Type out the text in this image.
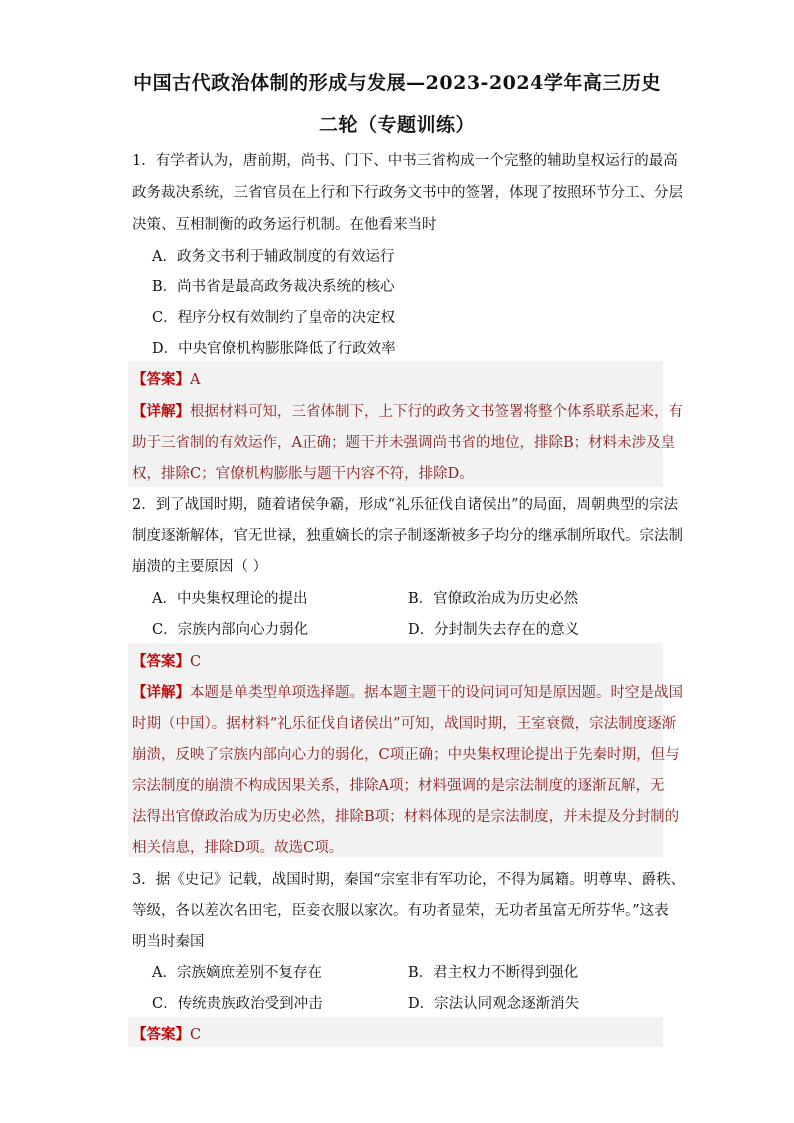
中国古代政治体制的形成与发展—2023-2024学年高三历史
二轮（专题训练）
1．有学者认为，唐前期，尚书、门下、中书三省构成一个完整的辅助皇权运行的最高
政务裁决系统，三省官员在上行和下行政务文书中的签署，体现了按照环节分工、分层
决策、互相制衡的政务运行机制。在他看来当时
A．政务文书利于辅政制度的有效运行
B．尚书省是最高政务裁决系统的核心
C．程序分权有效制约了皇帝的决定权
D．中央官僚机构膨胀降低了行政效率
【答案】A
【详解】根据材料可知，三省体制下，上下行的政务文书签署将整个体系联系起来，有
助于三省制的有效运作，A正确；题干并未强调尚书省的地位，排除B；材料未涉及皇
权，排除C；官僚机构膨胀与题干内容不符，排除D。
2．到了战国时期，随着诸侯争霸，形成“礼乐征伐自诸侯出”的局面，周朝典型的宗法
制度逐渐解体，官无世禄，独重嫡长的宗子制逐渐被多子均分的继承制所取代。宗法制
崩溃的主要原因（ ）
A．中央集权理论的提出	B．官僚政治成为历史必然
C．宗族内部向心力弱化	D．分封制失去存在的意义
【答案】C
【详解】本题是单类型单项选择题。据本题主题干的设问词可知是原因题。时空是战国
时期（中国）。据材料“礼乐征伐自诸侯出”可知，战国时期，王室衰微，宗法制度逐渐
崩溃，反映了宗族内部向心力的弱化，C项正确；中央集权理论提出于先秦时期，但与
宗法制度的崩溃不构成因果关系，排除A项；材料强调的是宗法制度的逐渐瓦解，无
法得出官僚政治成为历史必然，排除B项；材料体现的是宗法制度，并未提及分封制的
相关信息，排除D项。故选C项。
3．据《史记》记载，战国时期，秦国“宗室非有军功论，不得为属籍。明尊卑、爵秩、
等级，各以差次名田宅，臣妾衣服以家次。有功者显荣，无功者虽富无所芬华。”这表
明当时秦国
A．宗族嫡庶差别不复存在	B．君主权力不断得到强化
C．传统贵族政治受到冲击	D．宗法认同观念逐渐消失
【答案】C
